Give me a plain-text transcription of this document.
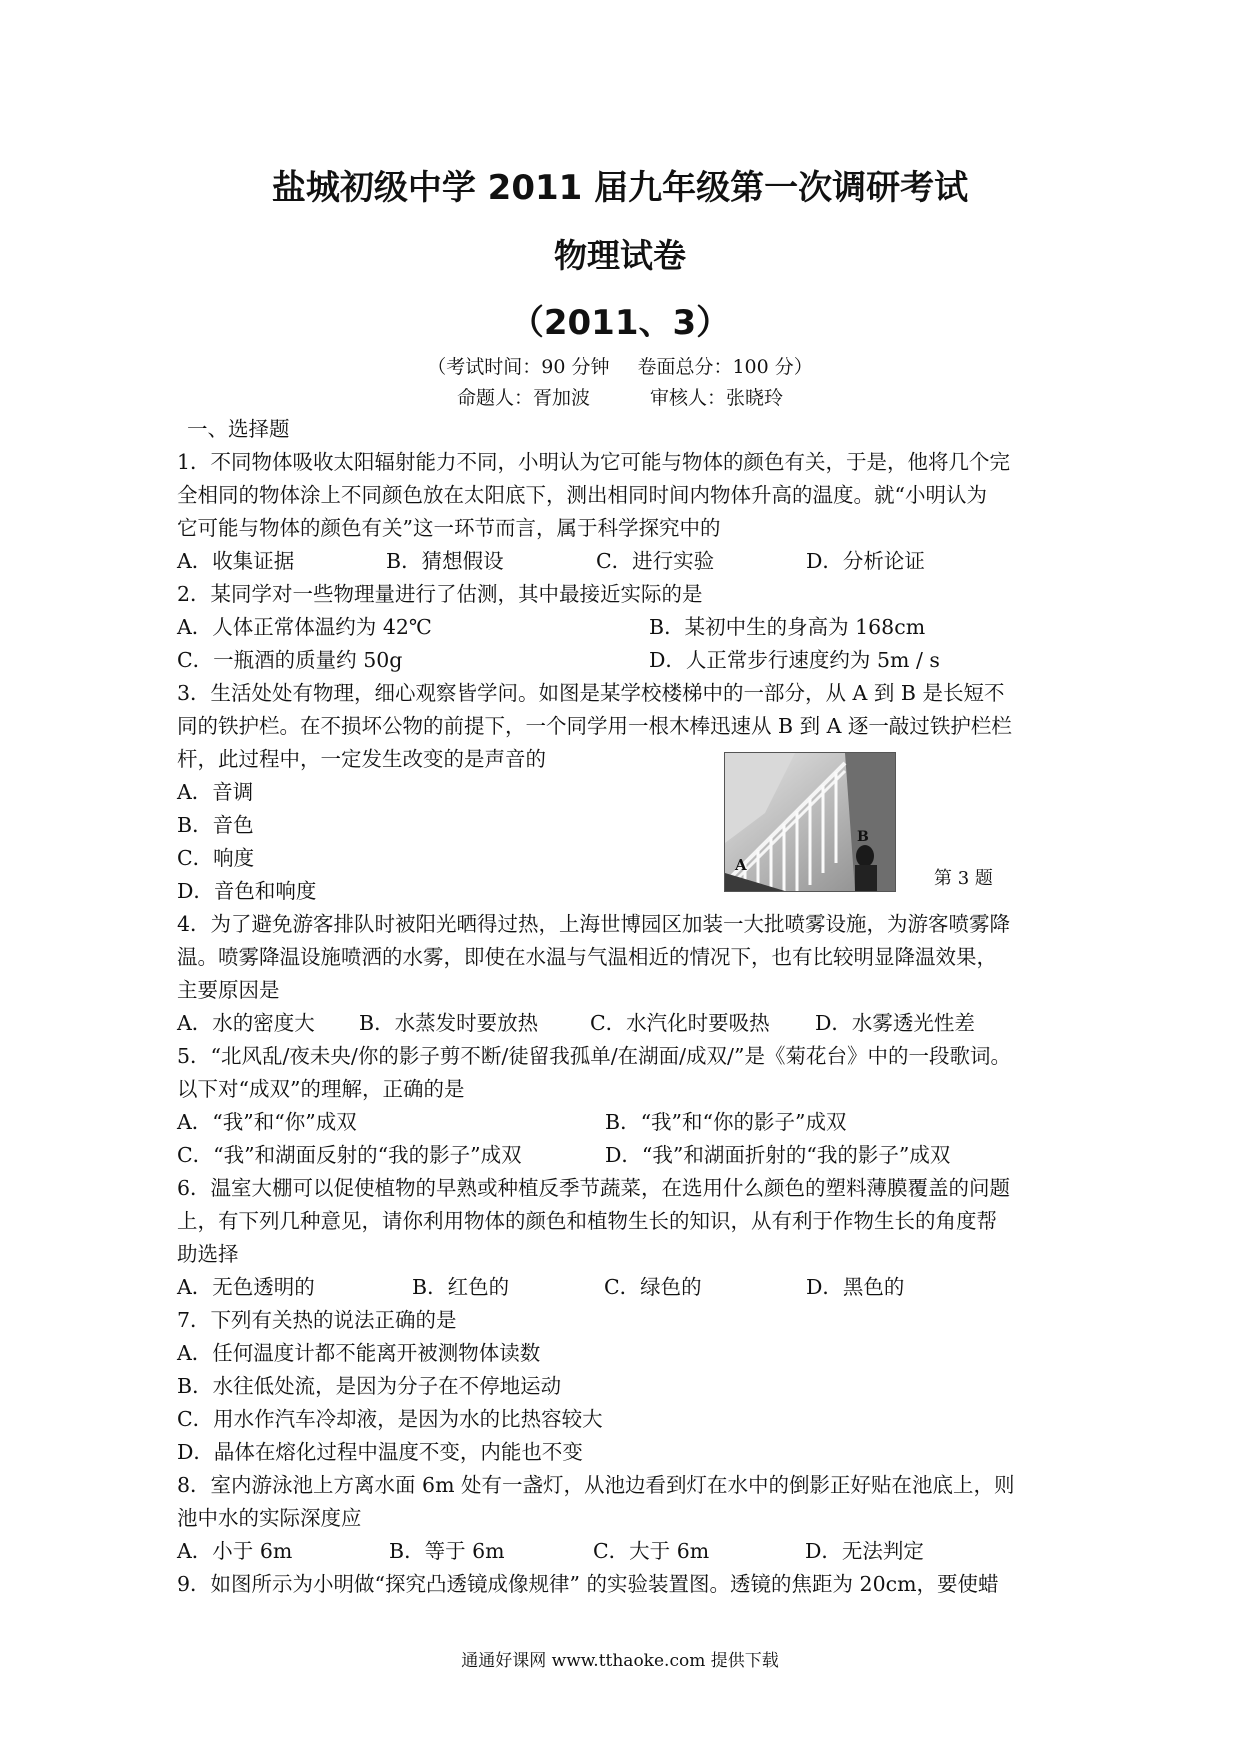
盐城初级中学 2011 届九年级第一次调研考试
物理试卷
（2011、3）
（考试时间：90 分钟 卷面总分：100 分）
命题人：胥加波	审核人：张晓玲
一、选择题
1．不同物体吸收太阳辐射能力不同，小明认为它可能与物体的颜色有关，于是，他将几个完
全相同的物体涂上不同颜色放在太阳底下，测出相同时间内物体升高的温度。就“小明认为
它可能与物体的颜色有关”这一环节而言，属于科学探究中的
A．收集证据	B．猜想假设	C．进行实验	D．分析论证
2．某同学对一些物理量进行了估测，其中最接近实际的是
A．人体正常体温约为 42℃	B．某初中生的身高为 168cm
C．一瓶酒的质量约 50g	D．人正常步行速度约为 5m / s
3．生活处处有物理，细心观察皆学问。如图是某学校楼梯中的一部分，从 A 到 B 是长短不
同的铁护栏。在不损坏公物的前提下，一个同学用一根木棒迅速从 B 到 A 逐一敲过铁护栏栏
杆，此过程中，一定发生改变的是声音的
A．音调
B．音色
C．响度
D．音色和响度
A
B
第 3 题
4．为了避免游客排队时被阳光晒得过热，上海世博园区加装一大批喷雾设施，为游客喷雾降
温。喷雾降温设施喷洒的水雾，即使在水温与气温相近的情况下，也有比较明显降温效果，
主要原因是
A．水的密度大 B．水蒸发时要放热	C．水汽化时要吸热 D．水雾透光性差
5．“北风乱/夜未央/你的影子剪不断/徒留我孤单/在湖面/成双/”是《菊花台》中的一段歌词。
以下对“成双”的理解，正确的是
A．“我”和“你”成双	B．“我”和“你的影子”成双
C．“我”和湖面反射的“我的影子”成双	D．“我”和湖面折射的“我的影子”成双
6．温室大棚可以促使植物的早熟或种植反季节蔬菜，在选用什么颜色的塑料薄膜覆盖的问题
上，有下列几种意见，请你利用物体的颜色和植物生长的知识，从有利于作物生长的角度帮
助选择
A．无色透明的	B．红色的	C．绿色的	D．黑色的
7．下列有关热的说法正确的是
A．任何温度计都不能离开被测物体读数
B．水往低处流，是因为分子在不停地运动
C．用水作汽车冷却液，是因为水的比热容较大
D．晶体在熔化过程中温度不变，内能也不变
8．室内游泳池上方离水面 6m 处有一盏灯，从池边看到灯在水中的倒影正好贴在池底上，则
池中水的实际深度应
A．小于 6m	B．等于 6m	C．大于 6m	D．无法判定
9．如图所示为小明做“探究凸透镜成像规律” 的实验装置图。透镜的焦距为 20cm，要使蜡
通通好课网 www.tthaoke.com 提供下载
